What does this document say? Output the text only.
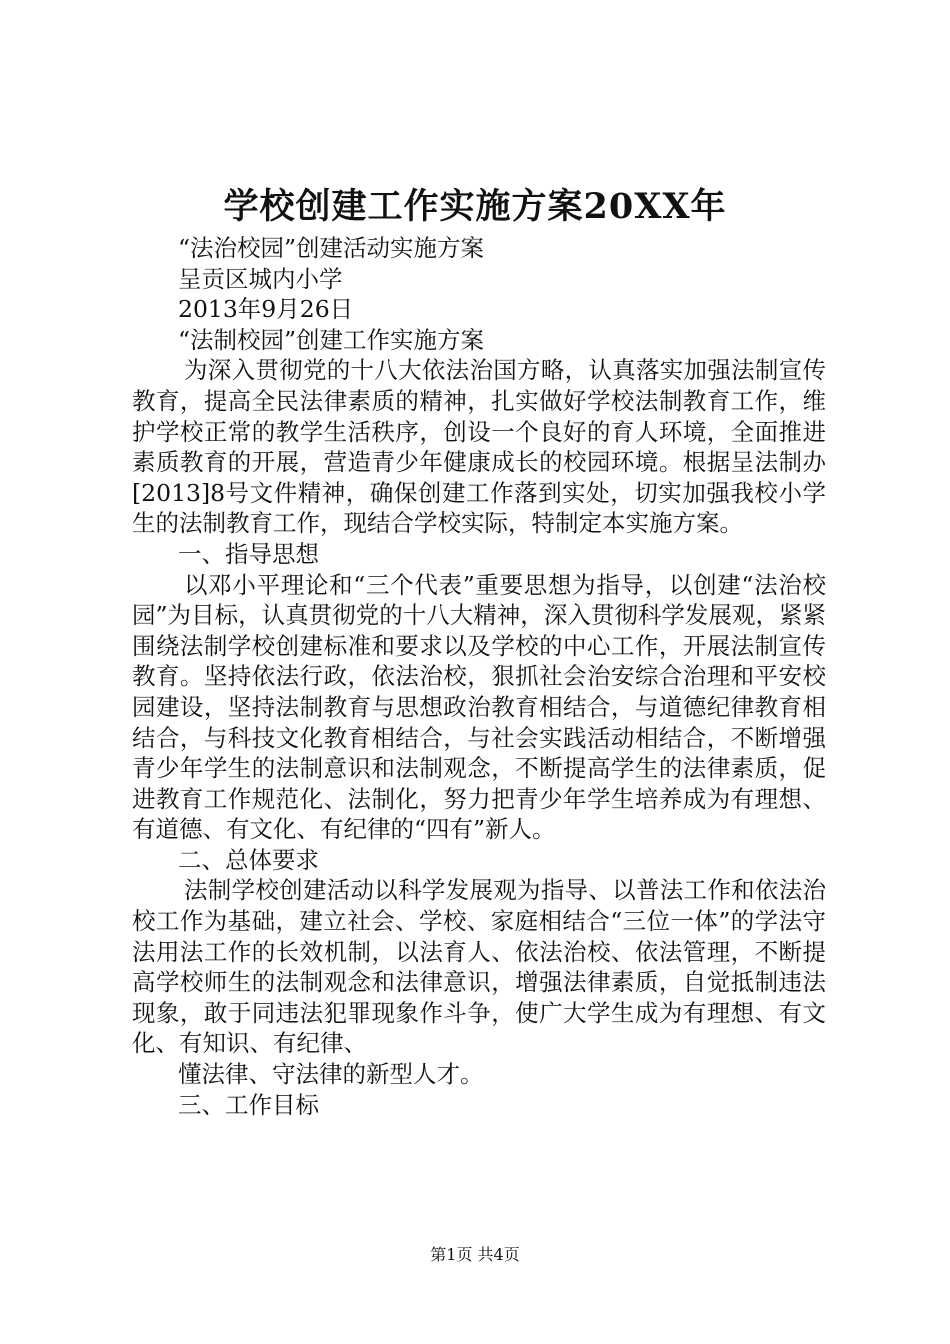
学校创建工作实施方案20XX年
“法治校园”创建活动实施方案
呈贡区城内小学
2013年9月26日
“法制校园”创建工作实施方案
为深入贯彻党的十八大依法治国方略，认真落实加强法制宣传教育，提高全民法律素质的精神，扎实做好学校法制教育工作，维护学校正常的教学生活秩序，创设一个良好的育人环境，全面推进素质教育的开展，营造青少年健康成长的校园环境。根据呈法制办[2013]8号文件精神，确保创建工作落到实处，切实加强我校小学生的法制教育工作，现结合学校实际，特制定本实施方案。
一、指导思想
以邓小平理论和“三个代表”重要思想为指导，以创建“法治校园”为目标，认真贯彻党的十八大精神，深入贯彻科学发展观，紧紧围绕法制学校创建标准和要求以及学校的中心工作，开展法制宣传教育。坚持依法行政，依法治校，狠抓社会治安综合治理和平安校园建设，坚持法制教育与思想政治教育相结合，与道德纪律教育相结合，与科技文化教育相结合，与社会实践活动相结合，不断增强青少年学生的法制意识和法制观念，不断提高学生的法律素质，促进教育工作规范化、法制化，努力把青少年学生培养成为有理想、有道德、有文化、有纪律的“四有”新人。
二、总体要求
法制学校创建活动以科学发展观为指导、以普法工作和依法治校工作为基础，建立社会、学校、家庭相结合“三位一体”的学法守法用法工作的长效机制，以法育人、依法治校、依法管理，不断提高学校师生的法制观念和法律意识，增强法律素质，自觉抵制违法现象，敢于同违法犯罪现象作斗争，使广大学生成为有理想、有文化、有知识、有纪律、
懂法律、守法律的新型人才。
三、工作目标
第1页 共4页
